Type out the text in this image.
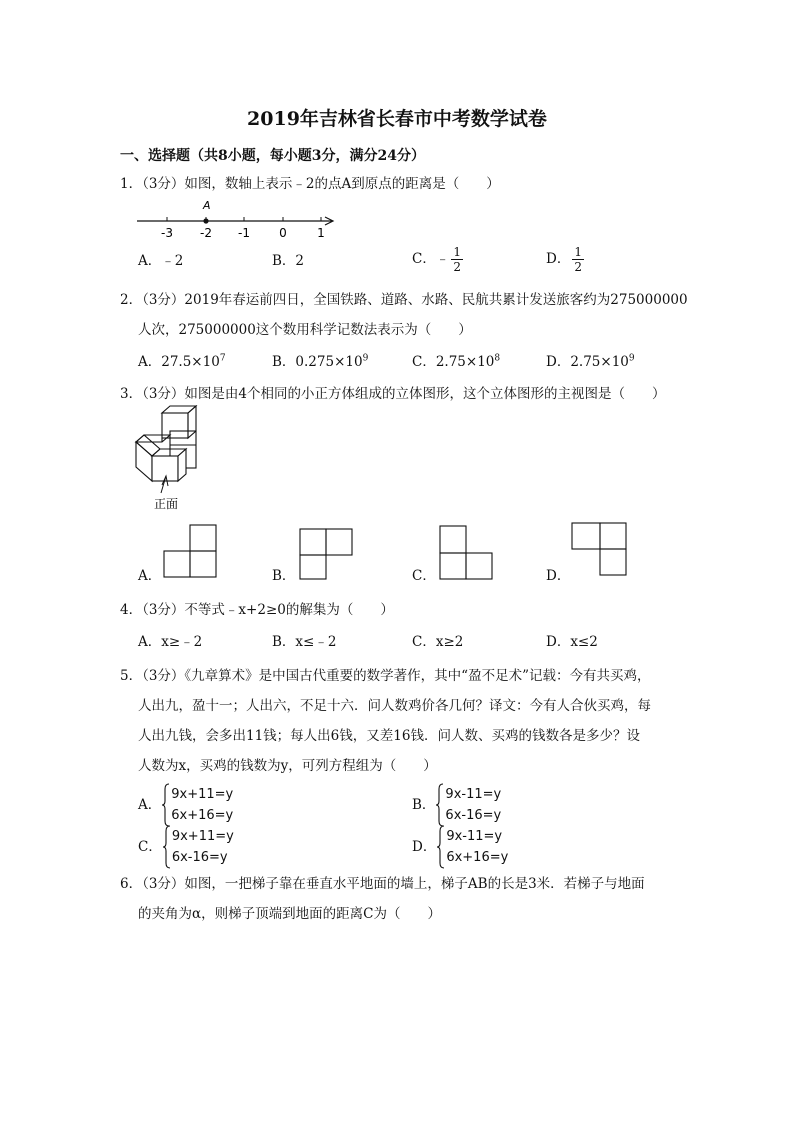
2019年吉林省长春市中考数学试卷
一、选择题（共8小题，每小题3分，满分24分）
1．（3分）如图，数轴上表示﹣2的点A到原点的距离是（　　）
A
-3 -2 -1 0	1
A．﹣2	B．2	C．﹣ $\frac{1}{2}$	D． $\frac{1}{2}$
2．（3分）2019年春运前四日，全国铁路、道路、水路、民航共累计发送旅客约为275000000
人次，275000000这个数用科学记数法表示为（　　）
A．$27.5\times 10^7$	B．$0.275\times 10^9$	C．$2.75\times 10^8$	D．$2.75\times 10^9$
3．（3分）如图是由4个相同的小正方体组成的立体图形，这个立体图形的主视图是（　　）
正面
A．	B．	C．	D．
4．（3分）不等式﹣x+2≥0的解集为（　　）
A．x≥﹣2	B．x≤﹣2	C．x≥2	D．x≤2
5．（3分）《九章算术》是中国古代重要的数学著作，其中“盈不足术”记载：今有共买鸡，
人出九，盈十一；人出六，不足十六．问人数鸡价各几何？译文：今有人合伙买鸡，每
人出九钱，会多出11钱；每人出6钱，又差16钱．问人数、买鸡的钱数各是多少？设
人数为x，买鸡的钱数为y，可列方程组为（　　）
A．
9x+11=y
6x+16=y
B．
9x-11=y
6x-16=y
C．
9x+11=y
6x-16=y
D．
9x-11=y
6x+16=y
6．（3分）如图，一把梯子靠在垂直水平地面的墙上，梯子AB的长是3米．若梯子与地面
的夹角为α，则梯子顶端到地面的距离C为（　　）
